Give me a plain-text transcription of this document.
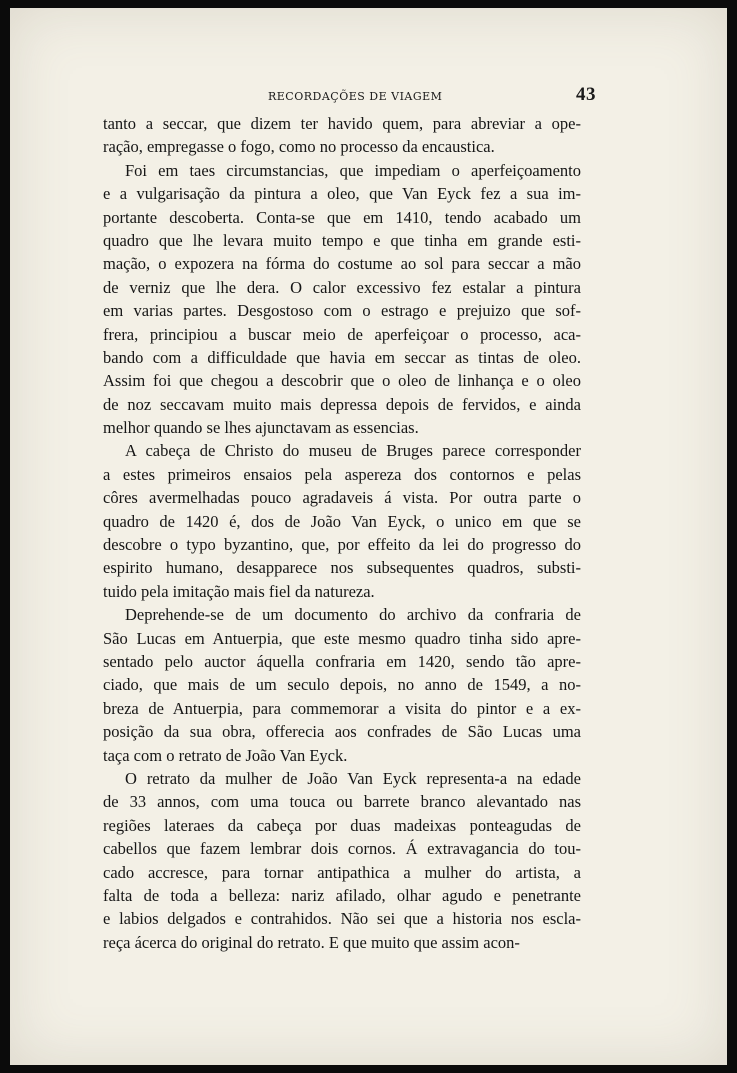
RECORDAÇÕES DE VIAGEM	43
tanto a seccar, que dizem ter havido quem, para abreviar a ope-
ração, empregasse o fogo, como no processo da encaustica.
Foi em taes circumstancias, que impediam o aperfeiçoamento
e a vulgarisação da pintura a oleo, que Van Eyck fez a sua im-
portante descoberta. Conta-se que em 1410, tendo acabado um
quadro que lhe levara muito tempo e que tinha em grande esti-
mação, o expozera na fórma do costume ao sol para seccar a mão
de verniz que lhe dera. O calor excessivo fez estalar a pintura
em varias partes. Desgostoso com o estrago e prejuizo que sof-
frera, principiou a buscar meio de aperfeiçoar o processo, aca-
bando com a difficuldade que havia em seccar as tintas de oleo.
Assim foi que chegou a descobrir que o oleo de linhança e o oleo
de noz seccavam muito mais depressa depois de fervidos, e ainda
melhor quando se lhes ajunctavam as essencias.
A cabeça de Christo do museu de Bruges parece corresponder
a estes primeiros ensaios pela aspereza dos contornos e pelas
côres avermelhadas pouco agradaveis á vista. Por outra parte o
quadro de 1420 é, dos de João Van Eyck, o unico em que se
descobre o typo byzantino, que, por effeito da lei do progresso do
espirito humano, desapparece nos subsequentes quadros, substi-
tuido pela imitação mais fiel da natureza.
Deprehende-se de um documento do archivo da confraria de
São Lucas em Antuerpia, que este mesmo quadro tinha sido apre-
sentado pelo auctor áquella confraria em 1420, sendo tão apre-
ciado, que mais de um seculo depois, no anno de 1549, a no-
breza de Antuerpia, para commemorar a visita do pintor e a ex-
posição da sua obra, offerecia aos confrades de São Lucas uma
taça com o retrato de João Van Eyck.
O retrato da mulher de João Van Eyck representa-a na edade
de 33 annos, com uma touca ou barrete branco alevantado nas
regiões lateraes da cabeça por duas madeixas ponteagudas de
cabellos que fazem lembrar dois cornos. Á extravagancia do tou-
cado accresce, para tornar antipathica a mulher do artista, a
falta de toda a belleza: nariz afilado, olhar agudo e penetrante
e labios delgados e contrahidos. Não sei que a historia nos escla-
reça ácerca do original do retrato. E que muito que assim acon-
